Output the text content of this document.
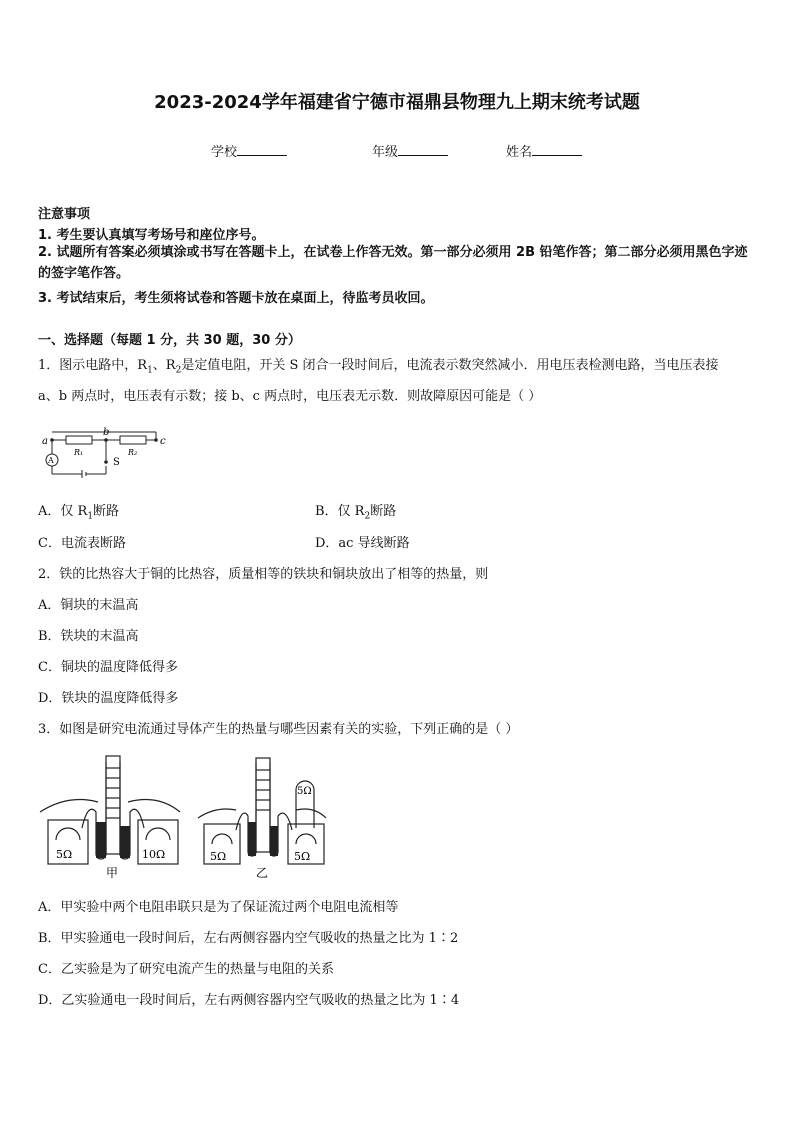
2023-2024学年福建省宁德市福鼎县物理九上期末统考试题
学校	年级	姓名
注意事项
1. 考生要认真填写考场号和座位序号。
2. 试题所有答案必须填涂或书写在答题卡上，在试卷上作答无效。第一部分必须用 2B 铅笔作答；第二部分必须用黑色字迹的签字笔作答。
3. 考试结束后，考生须将试卷和答题卡放在桌面上，待监考员收回。
一、选择题（每题 1 分，共 30 题，30 分）
1．图示电路中，$R_1$、$R_2$是定值电阻，开关 S 闭合一段时间后，电流表示数突然减小．用电压表检测电路，当电压表接
a、b 两点时，电压表有示数；接 b、c 两点时，电压表无示数．则故障原因可能是（ ）
a
b
c
R₁	R₂
S
A
A．仅 $R_1$断路	B．仅 $R_2$断路
C．电流表断路	D．ac 导线断路
2．铁的比热容大于铜的比热容，质量相等的铁块和铜块放出了相等的热量，则
A．铜块的末温高
B．铁块的末温高
C．铜块的温度降低得多
D．铁块的温度降低得多
3．如图是研究电流通过导体产生的热量与哪些因素有关的实验，下列正确的是（ ）
5Ω	10Ω
甲
5Ω
5Ω	5Ω
乙
A．甲实验中两个电阻串联只是为了保证流过两个电阻电流相等
B．甲实验通电一段时间后，左右两侧容器内空气吸收的热量之比为 1∶2
C．乙实验是为了研究电流产生的热量与电阻的关系
D．乙实验通电一段时间后，左右两侧容器内空气吸收的热量之比为 1∶4
